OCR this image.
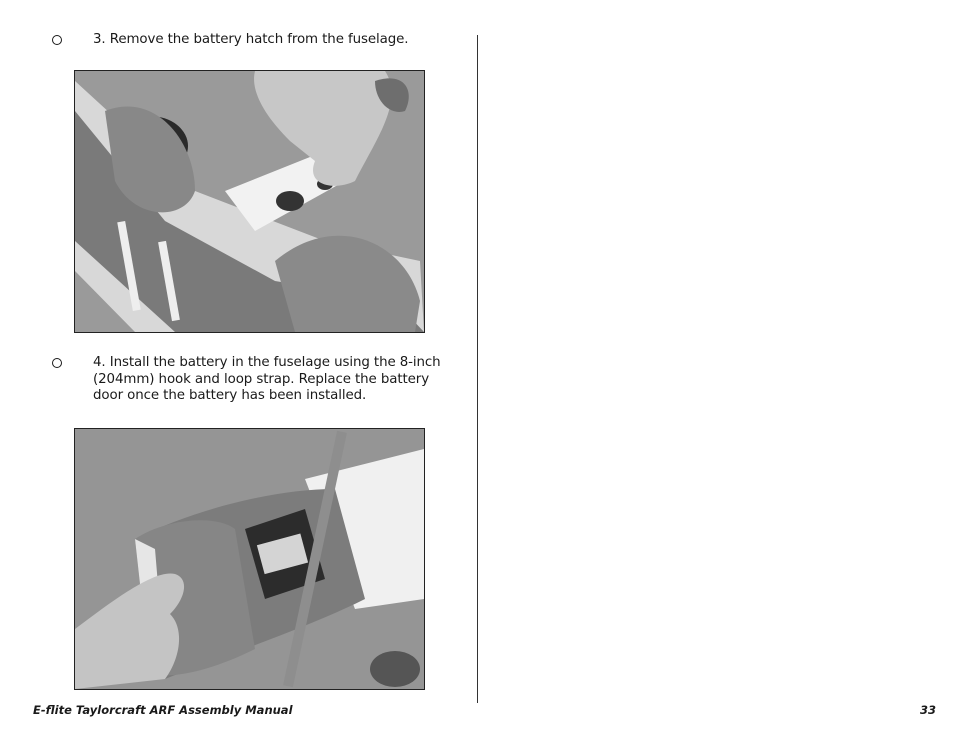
3. Remove the battery hatch from the fuselage.
4. Install the battery in the fuselage using the 8-inch (204mm) hook and loop strap. Replace the battery door once the battery has been installed.
E-flite Taylorcraft ARF Assembly Manual	33
